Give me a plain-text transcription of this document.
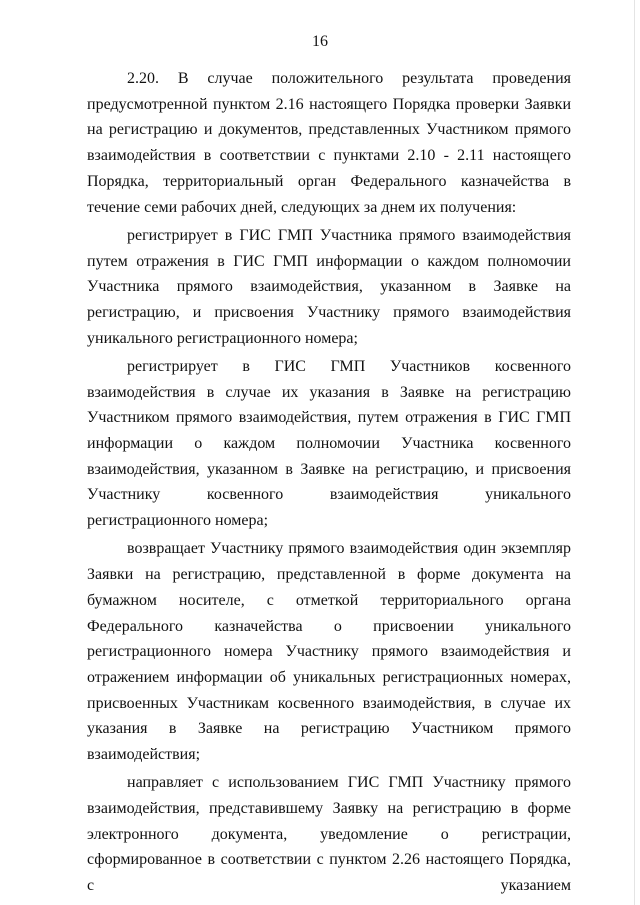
16

2.20. В случае положительного результата проведения предусмотренной пунктом 2.16 настоящего Порядка проверки Заявки на регистрацию и документов, представленных Участником прямого взаимодействия в соответствии с пунктами 2.10 - 2.11 настоящего Порядка, территориальный орган Федерального казначейства в течение семи рабочих дней, следующих за днем их получения:

регистрирует в ГИС ГМП Участника прямого взаимодействия путем отражения в ГИС ГМП информации о каждом полномочии Участника прямого взаимодействия, указанном в Заявке на регистрацию, и присвоения Участнику прямого взаимодействия уникального регистрационного номера;

регистрирует в ГИС ГМП Участников косвенного взаимодействия в случае их указания в Заявке на регистрацию Участником прямого взаимодействия, путем отражения в ГИС ГМП информации о каждом полномочии Участника косвенного взаимодействия, указанном в Заявке на регистрацию, и присвоения Участнику косвенного взаимодействия уникального регистрационного номера;

возвращает Участнику прямого взаимодействия один экземпляр Заявки на регистрацию, представленной в форме документа на бумажном носителе, с отметкой территориального органа Федерального казначейства о присвоении уникального регистрационного номера Участнику прямого взаимодействия и отражением информации об уникальных регистрационных номерах, присвоенных Участникам косвенного взаимодействия, в случае их указания в Заявке на регистрацию Участником прямого взаимодействия;

направляет с использованием ГИС ГМП Участнику прямого взаимодействия, представившему Заявку на регистрацию в форме электронного документа, уведомление о регистрации, сформированное в соответствии с пунктом 2.26 настоящего Порядка, с указанием
